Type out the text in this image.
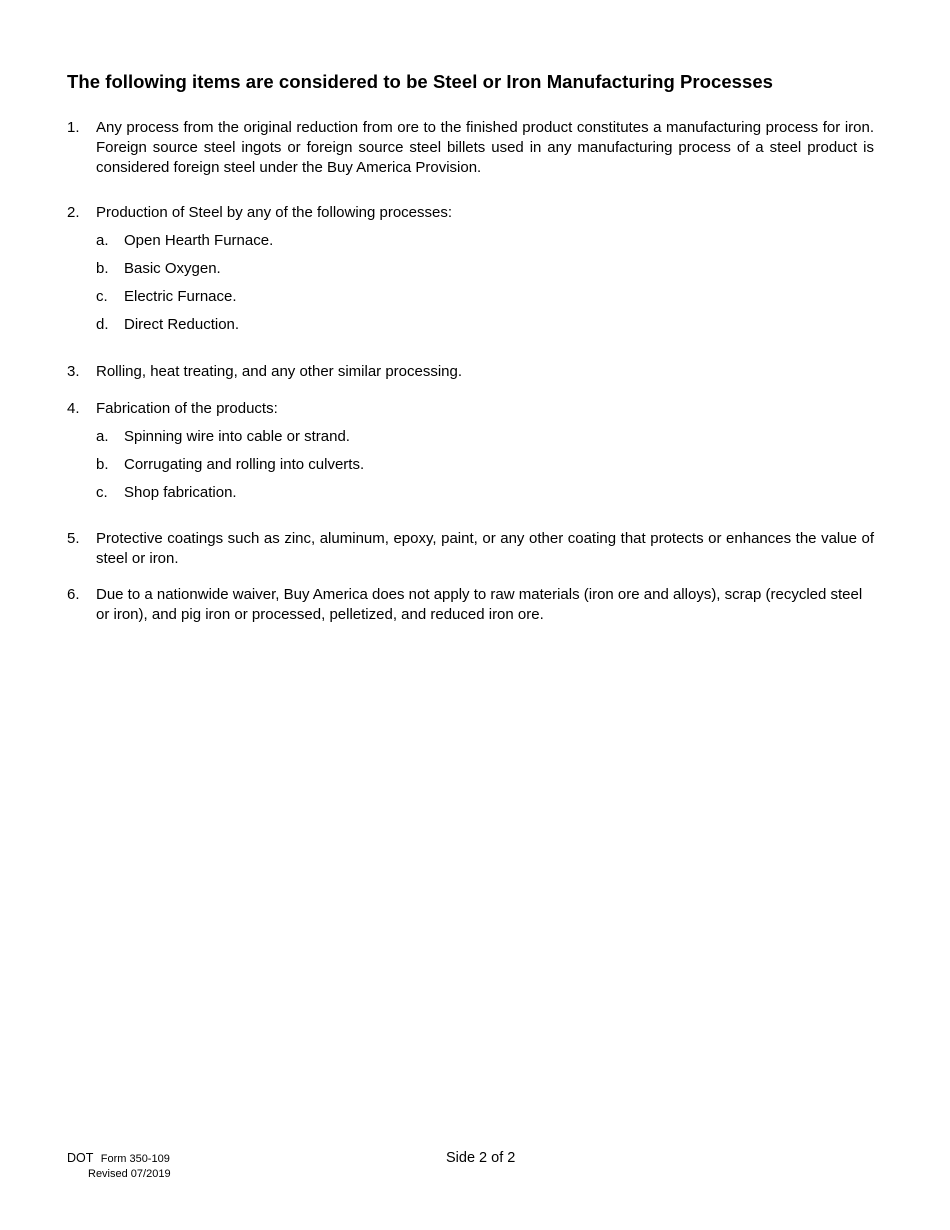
The following items are considered to be Steel or Iron Manufacturing Processes
1. Any process from the original reduction from ore to the finished product constitutes a manufacturing process for iron. Foreign source steel ingots or foreign source steel billets used in any manufacturing process of a steel product is considered foreign steel under the Buy America Provision.
2. Production of Steel by any of the following processes:
a. Open Hearth Furnace.
b. Basic Oxygen.
c. Electric Furnace.
d. Direct Reduction.
3. Rolling, heat treating, and any other similar processing.
4. Fabrication of the products:
a. Spinning wire into cable or strand.
b. Corrugating and rolling into culverts.
c. Shop fabrication.
5. Protective coatings such as zinc, aluminum, epoxy, paint, or any other coating that protects or enhances the value of steel or iron.
6. Due to a nationwide waiver, Buy America does not apply to raw materials (iron ore and alloys), scrap (recycled steel or iron), and pig iron or processed, pelletized, and reduced iron ore.
DOT Form 350-109
Revised 07/2019
Side 2 of 2
